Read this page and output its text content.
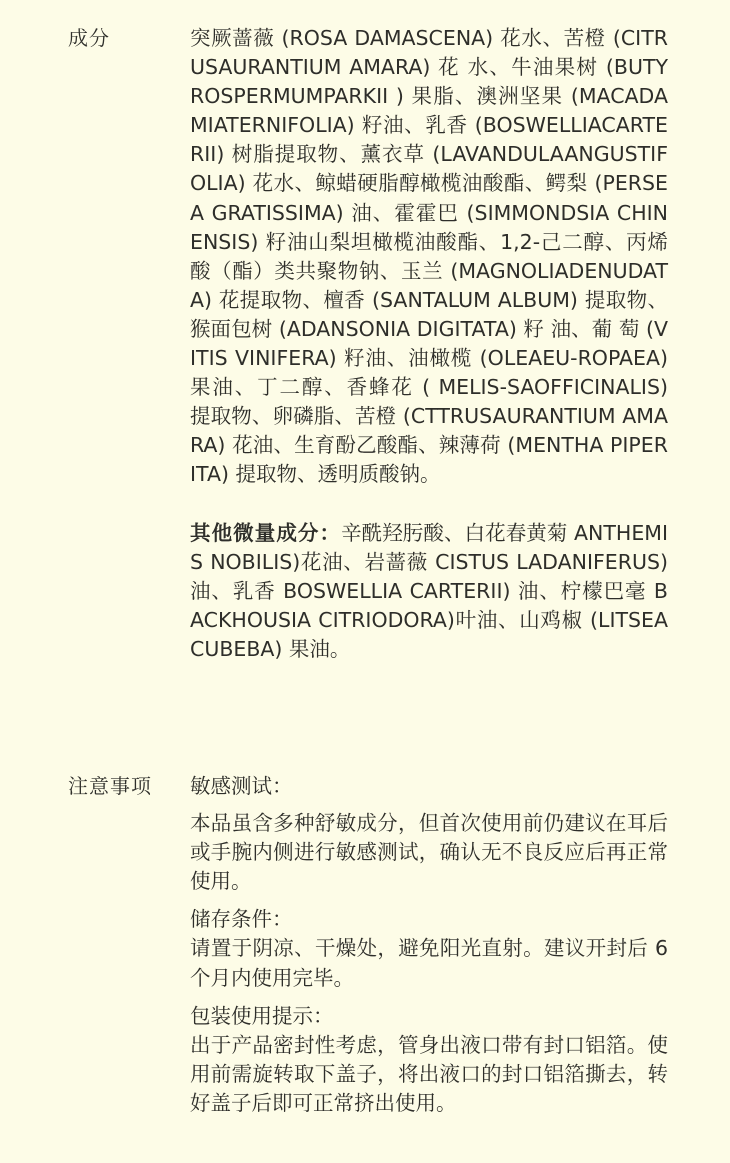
成分	突厥蔷薇 (ROSA DAMASCENA) 花水、苦橙 (CITRUSAURANTIUM AMARA) 花 水、牛油果树 (BUTYROSPERMUMPARKII ) 果脂、澳洲坚果 (MACADAMIATERNIFOLIA) 籽油、乳香 (BOSWELLIACARTERII) 树脂提取物、薰衣草 (LAVANDULAANGUSTIFOLIA) 花水、鲸蜡硬脂醇橄榄油酸酯、鳄梨 (PERSEA GRATISSIMA) 油、霍霍巴 (SIMMONDSIA CHINENSIS) 籽油山梨坦橄榄油酸酯、1,2-己二醇、丙烯酸（酯）类共聚物钠、玉兰 (MAGNOLIADENUDATA) 花提取物、檀香 (SANTALUM ALBUM) 提取物、猴面包树 (ADANSONIA DIGITATA) 籽 油、葡 萄 (VITIS VINIFERA) 籽油、油橄榄 (OLEAEU-ROPAEA) 果油、丁二醇、香蜂花 ( MELIS-SAOFFICINALIS) 提取物、卵磷脂、苦橙 (CTTRUSAURANTIUM AMARA) 花油、生育酚乙酸酯、辣薄荷 (MENTHA PIPERITA) 提取物、透明质酸钠。

其他微量成分：辛酰羟肟酸、白花春黄菊 ANTHEMIS NOBILIS)花油、岩蔷薇 CISTUS LADANIFERUS)油、乳香 BOSWELLIA CARTERII) 油、柠檬巴毫 BACKHOUSIA CITRIODORA)叶油、山鸡椒 (LITSEACUBEBA) 果油。

注意事项 敏感测试：

本品虽含多种舒敏成分，但首次使用前仍建议在耳后或手腕内侧进行敏感测试，确认无不良反应后再正常使用。

储存条件：

请置于阴凉、干燥处，避免阳光直射。建议开封后 6 个月内使用完毕。

包装使用提示：

出于产品密封性考虑，管身出液口带有封口铝箔。使用前需旋转取下盖子，将出液口的封口铝箔撕去，转好盖子后即可正常挤出使用。
